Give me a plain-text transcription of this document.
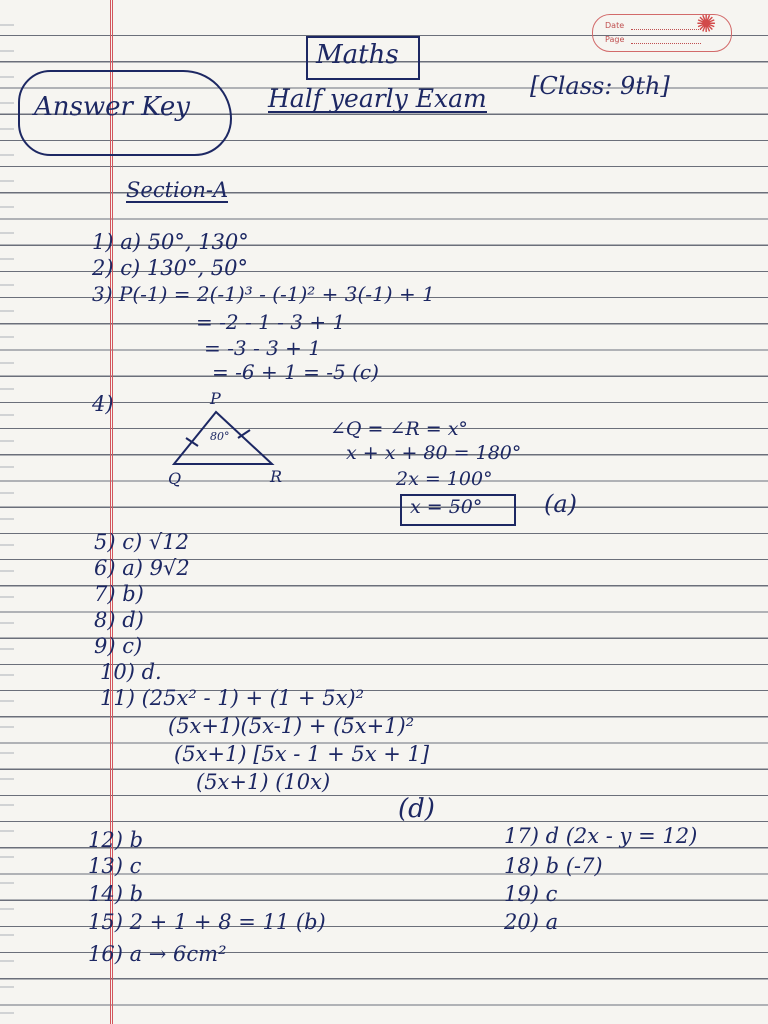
Date
Page
✺
Maths
Answer Key	Half yearly Exam [Class: 9th]
Section-A
1) a) 50°, 130°
2) c) 130°, 50°
3) P(-1) = 2(-1)³ - (-1)² + 3(-1) + 1
= -2 - 1 - 3 + 1
= -3 - 3 + 1
= -6 + 1 = -5 (c)
4)	P
80°
Q	R
∠Q = ∠R = x°
x + x + 80 = 180°
2x = 100°
x = 50°	(a)
5) c) √12
6) a) 9√2
7) b)
8) d)
9) c)
10) d.
11) (25x² - 1) + (1 + 5x)²
(5x+1)(5x-1) + (5x+1)²
(5x+1) [5x - 1 + 5x + 1]
(5x+1) (10x)
(d)
12) b
13) c
14) b
15) 2 + 1 + 8 = 11 (b)
16) a → 6cm²
17) d (2x - y = 12)
18) b (-7)
19) c
20) a
